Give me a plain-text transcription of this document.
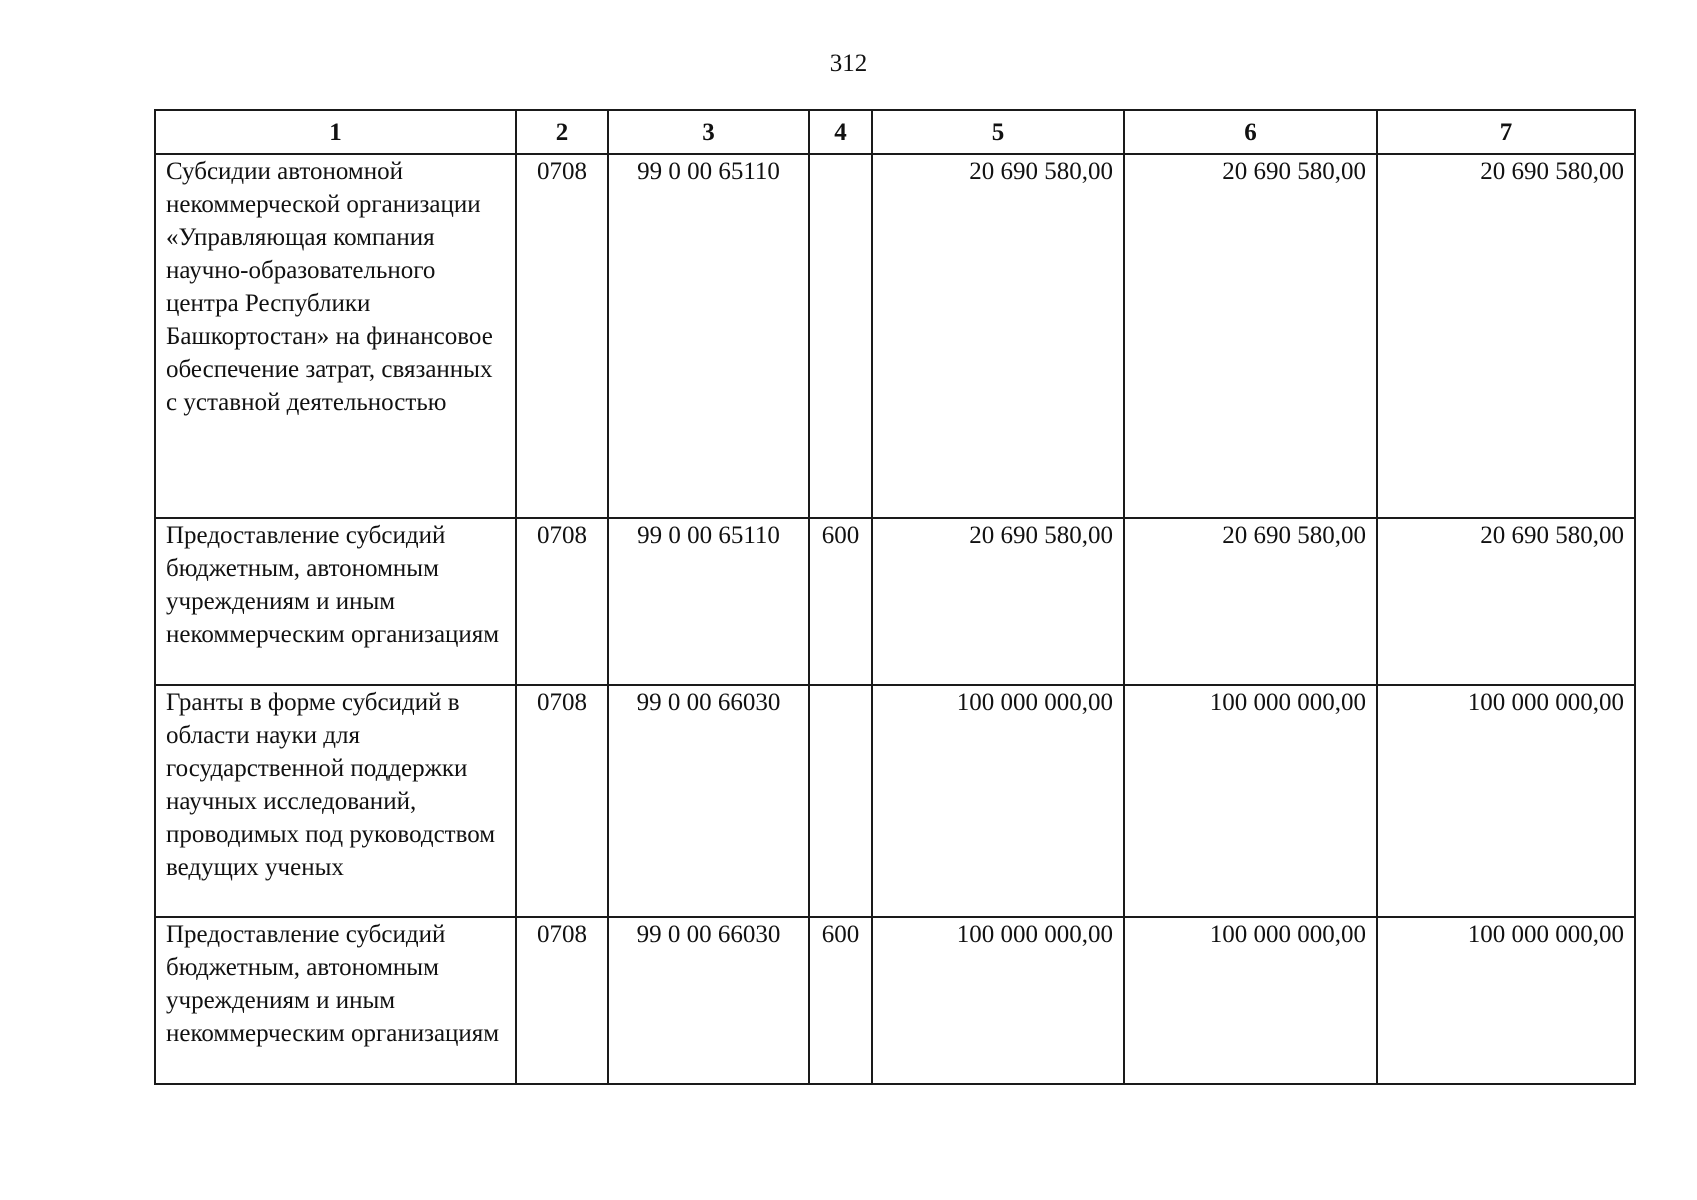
312
1	2	3	4	5	6	7
Субсидии автономной некоммерческой организации «Управляющая компания научно-образовательного центра Республики Башкортостан» на финансовое обеспечение затрат, связанных с уставной деятельностью	0708	99 0 00 65110		20 690 580,00	20 690 580,00	20 690 580,00
Предоставление субсидий бюджетным, автономным учреждениям и иным некоммерческим организациям	0708	99 0 00 65110	600	20 690 580,00	20 690 580,00	20 690 580,00
Гранты в форме субсидий в области науки для государственной поддержки научных исследований, проводимых под руководством ведущих ученых	0708	99 0 00 66030		100 000 000,00	100 000 000,00	100 000 000,00
Предоставление субсидий бюджетным, автономным учреждениям и иным некоммерческим организациям	0708	99 0 00 66030	600	100 000 000,00	100 000 000,00	100 000 000,00
